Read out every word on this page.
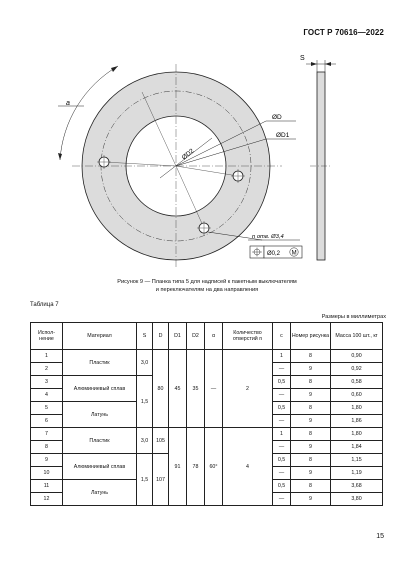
ГОСТ Р 70616—2022
a
ØD
ØD1
ØD2
n отв. Ø3,4
Ø0,2 M
S
Рисунок 9 — Планка типа 5 для надписей к пакетным выключателям
и переключателям на два направления
Таблица 7
Размеры в миллиметрах
Испол-нение	Материал	S	D	D1	D2	α	Количество отверстий n	c	Номер рисунка	Масса 100 шт., кг
1	Пластик	3,0	80	45	35	—	2	1	8	0,90
2								—	9	0,92
3	Алюминиевый сплав	1,5						0,5	8	0,58
4								—	9	0,60
5	Латунь							0,5	8	1,80
6								—	9	1,86
7	Пластик	3,0	105	91	78	60°	4	1	8	1,80
8								—	9	1,84
9	Алюминиевый сплав	1,5	107					0,5	8	1,15
10								—	9	1,19
11	Латунь							0,5	8	3,68
12								—	9	3,80
15
